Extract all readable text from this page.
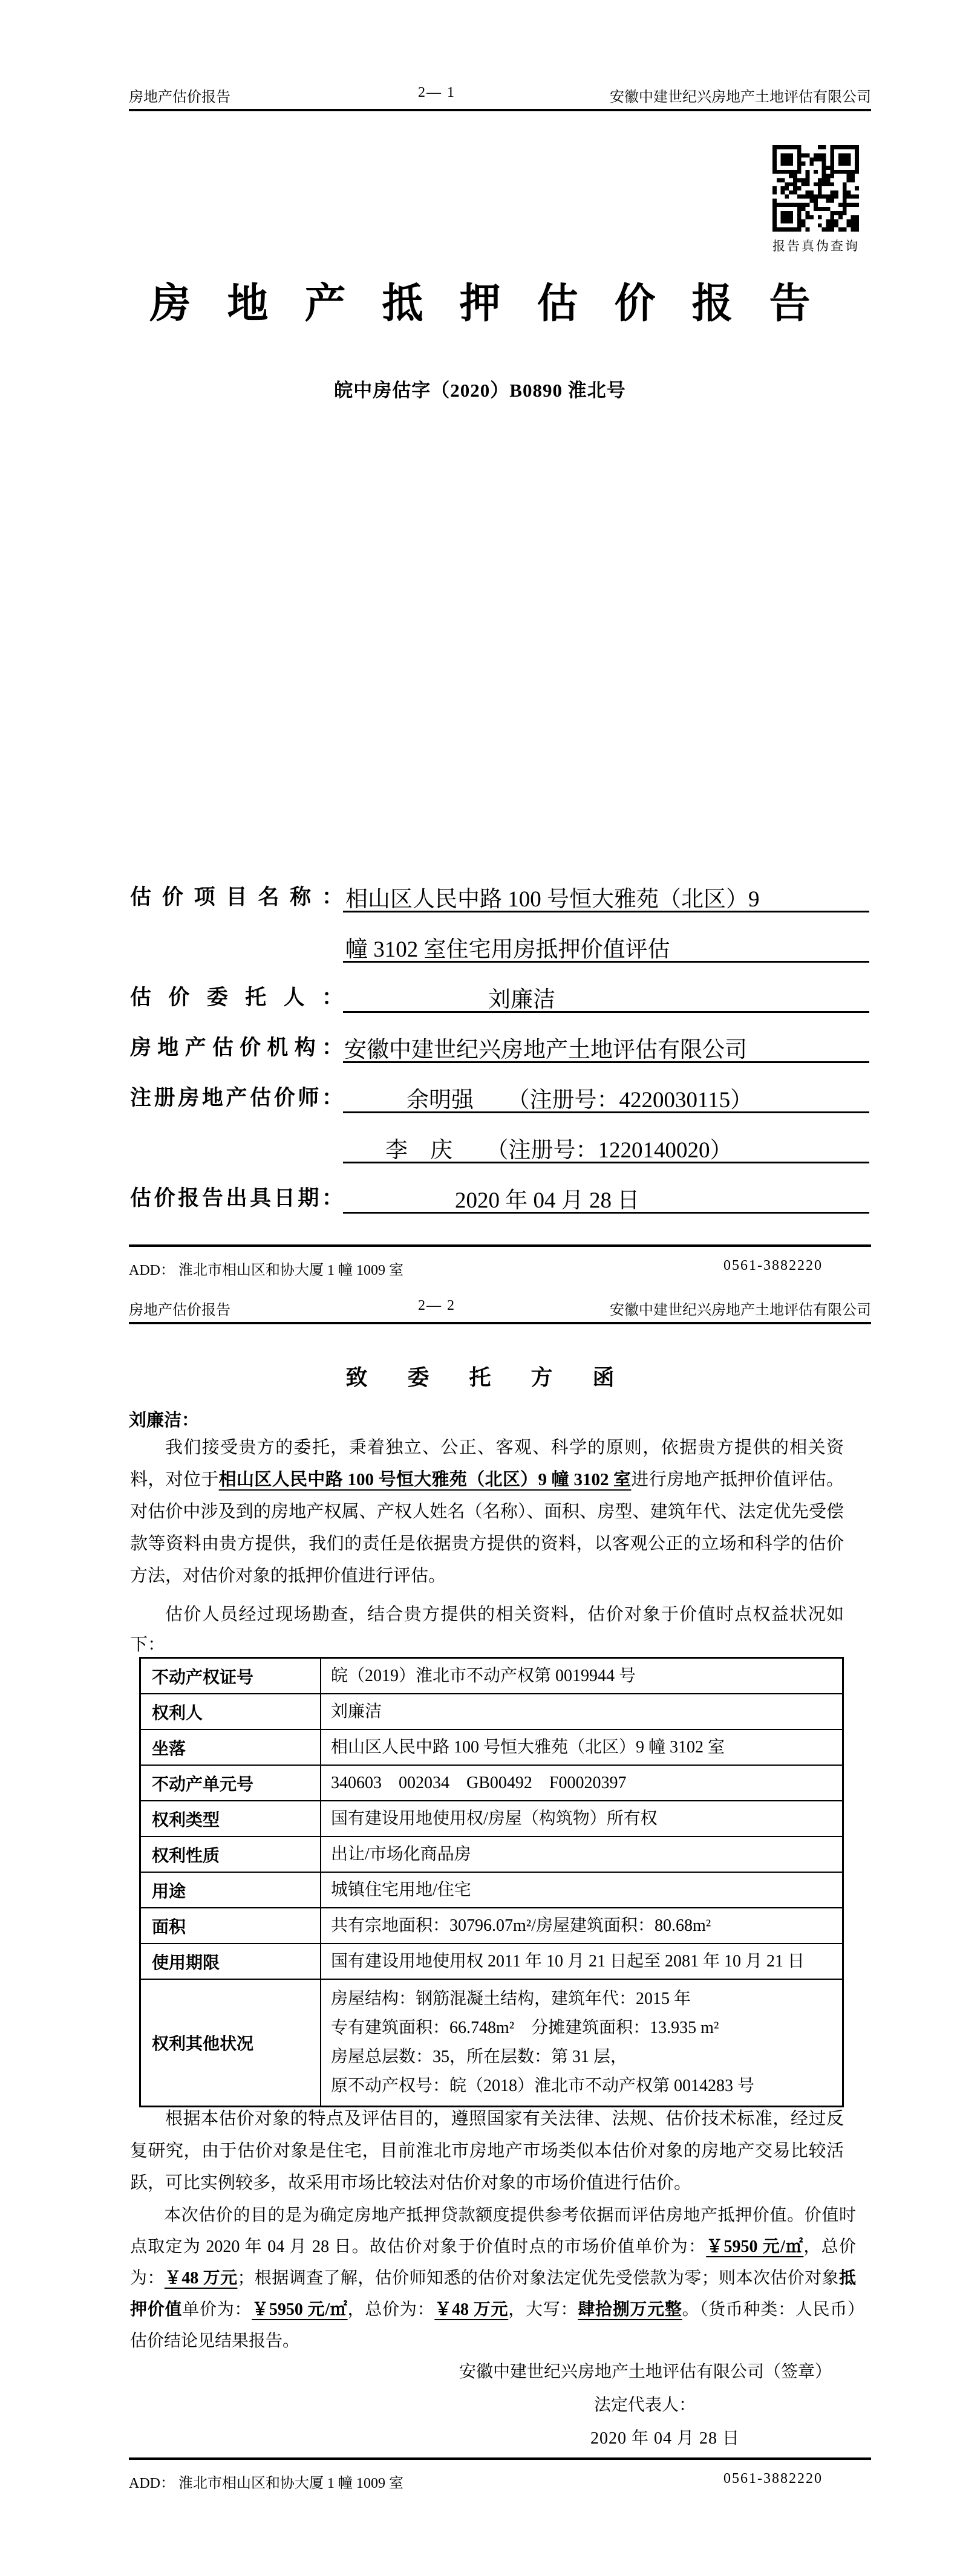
房地产估价报告	2— 1	安徽中建世纪兴房地产土地评估有限公司
报告真伪查询
房地产抵押估价报告
皖中房估字（2020）B0890 淮北号
估价项目名称： 相山区人民中路 100 号恒大雅苑（北区）9
幢 3102 室住宅用房抵押价值评估
估价委托人：	刘廉洁
房地产估价机构： 安徽中建世纪兴房地产土地评估有限公司
注册房地产估价师：	余明强　　（注册号：4220030115）
李　庆　　（注册号：1220140020）
估价报告出具日期：	2020 年 04 月 28 日
ADD： 淮北市相山区和协大厦 1 幢 1009 室	0561-3882220
房地产估价报告	2— 2	安徽中建世纪兴房地产土地评估有限公司
致委托方函
刘廉洁：

我们接受贵方的委托，秉着独立、公正、客观、科学的原则，依据贵方提供的相关资料，对位于相山区人民中路 100 号恒大雅苑（北区）9 幢 3102 室进行房地产抵押价值评估。对估价中涉及到的房地产权属、产权人姓名（名称）、面积、房型、建筑年代、法定优先受偿款等资料由贵方提供，我们的责任是依据贵方提供的资料，以客观公正的立场和科学的估价方法，对估价对象的抵押价值进行评估。

估价人员经过现场勘查，结合贵方提供的相关资料，估价对象于价值时点权益状况如下：

不动产权证号	皖（2019）淮北市不动产权第 0019944 号

权利人	刘廉洁

坐落	相山区人民中路 100 号恒大雅苑（北区）9 幢 3102 室

不动产单元号	340603　002034　GB00492　F00020397

权利类型	国有建设用地使用权/房屋（构筑物）所有权

权利性质	出让/市场化商品房

用途	城镇住宅用地/住宅

面积	共有宗地面积：30796.07m²/房屋建筑面积：80.68m²

使用期限	国有建设用地使用权 2011 年 10 月 21 日起至 2081 年 10 月 21 日

权利其他状况	房屋结构：钢筋混凝土结构，建筑年代：2015 年
专有建筑面积：66.748m²　分摊建筑面积：13.935 m²
房屋总层数：35，所在层数：第 31 层，
原不动产权号：皖（2018）淮北市不动产权第 0014283 号

根据本估价对象的特点及评估目的，遵照国家有关法律、法规、估价技术标准，经过反复研究，由于估价对象是住宅，目前淮北市房地产市场类似本估价对象的房地产交易比较活跃，可比实例较多，故采用市场比较法对估价对象的市场价值进行估价。

本次估价的目的是为确定房地产抵押贷款额度提供参考依据而评估房地产抵押价值。价值时点取定为 2020 年 04 月 28 日。故估价对象于价值时点的市场价值单价为：￥5950 元/㎡，总价为：￥48 万元；根据调查了解，估价师知悉的估价对象法定优先受偿款为零；则本次估价对象抵押价值单价为：￥5950 元/㎡，总价为：￥48 万元，大写：肆拾捌万元整。（货币种类：人民币）　估价结论见结果报告。

安徽中建世纪兴房地产土地评估有限公司（签章）
法定代表人：
2020 年 04 月 28 日
ADD： 淮北市相山区和协大厦 1 幢 1009 室	0561-3882220
